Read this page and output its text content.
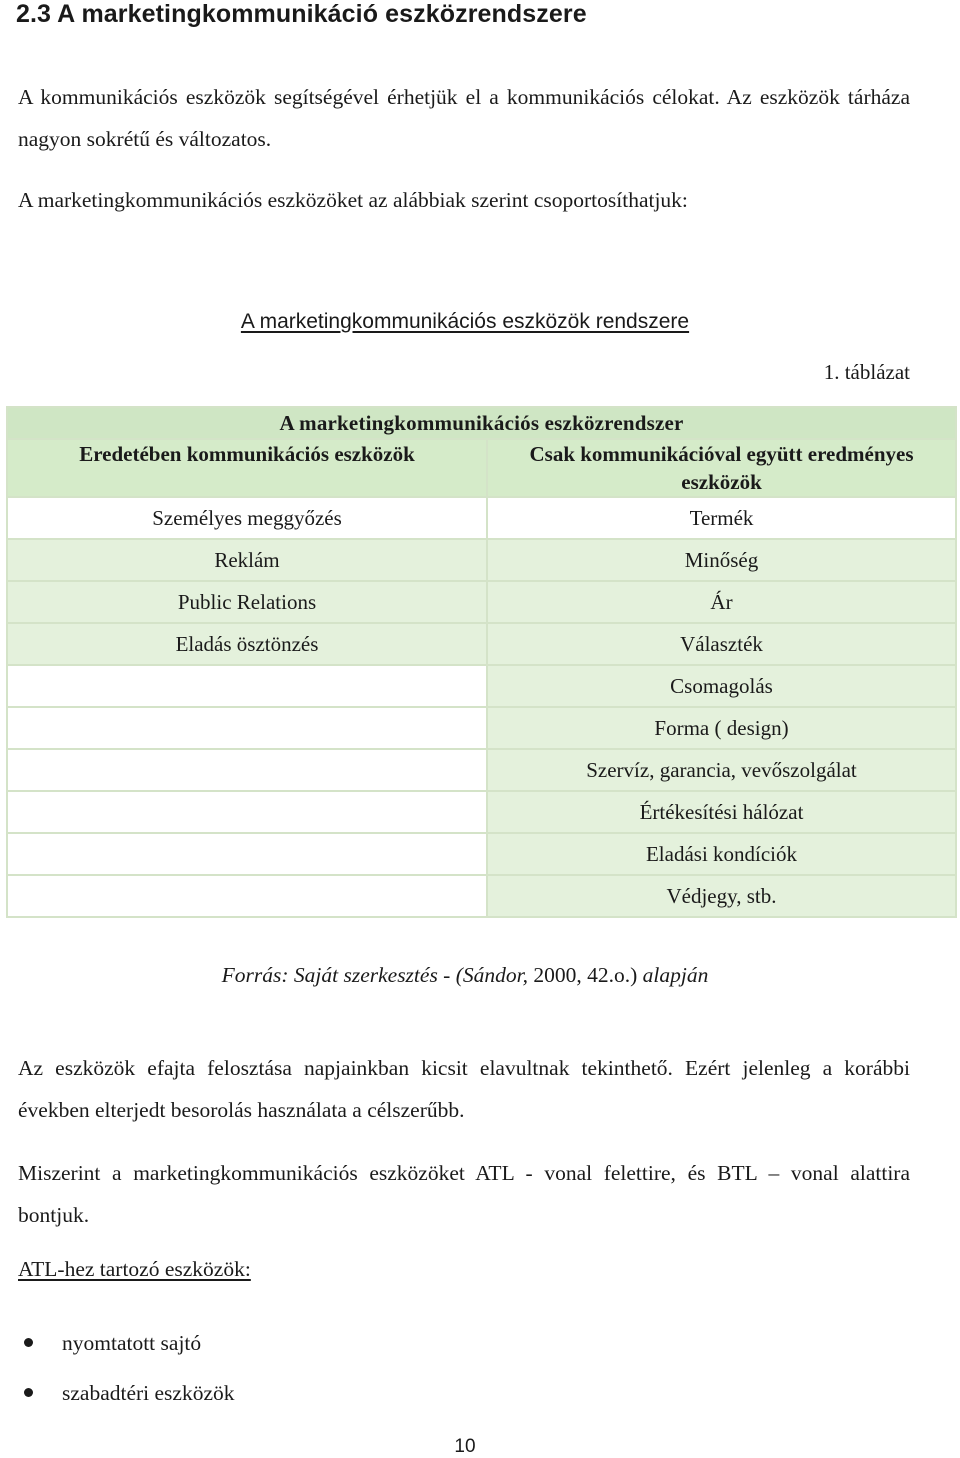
2.3 A marketingkommunikáció eszközrendszere
A kommunikációs eszközök segítségével érhetjük el a kommunikációs célokat. Az eszközök tárháza nagyon sokrétű és változatos.
A marketingkommunikációs eszközöket az alábbiak szerint csoportosíthatjuk:
A marketingkommunikációs eszközök rendszere
1. táblázat
A marketingkommunikációs eszközrendszer	
Eredetében kommunikációs eszközök	Csak kommunikációval együtt eredményes eszközök
Személyes meggyőzés	Termék
Reklám	Minőség
Public Relations	Ár
Eladás ösztönzés	Választék
	Csomagolás
	Forma ( design)
	Szervíz, garancia, vevőszolgálat
	Értékesítési hálózat
	Eladási kondíciók
	Védjegy, stb.
Forrás: Saját szerkesztés - (Sándor, 2000, 42.o.) alapján
Az eszközök efajta felosztása napjainkban kicsit elavultnak tekinthető. Ezért jelenleg a korábbi években elterjedt besorolás használata a célszerűbb.
Miszerint a marketingkommunikációs eszközöket ATL - vonal felettire, és BTL – vonal alattira bontjuk.
ATL-hez tartozó eszközök:
nyomtatott sajtó
szabadtéri eszközök
10
